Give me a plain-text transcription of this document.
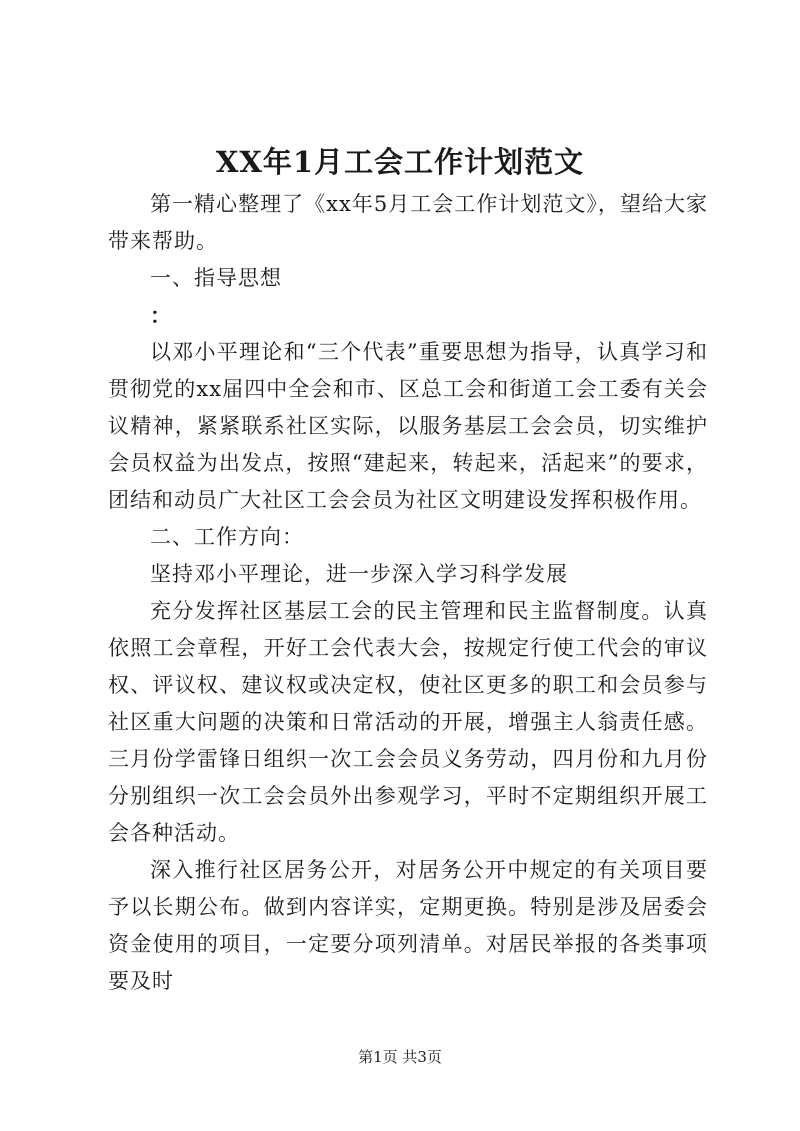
XX年1月工会工作计划范文

第一精心整理了《xx年5月工会工作计划范文》，望给大家带来帮助。

一、指导思想

：

以邓小平理论和“三个代表”重要思想为指导，认真学习和贯彻党的xx届四中全会和市、区总工会和街道工会工委有关会议精神，紧紧联系社区实际，以服务基层工会会员，切实维护会员权益为出发点，按照“建起来，转起来，活起来”的要求，团结和动员广大社区工会会员为社区文明建设发挥积极作用。

二、工作方向：

坚持邓小平理论，进一步深入学习科学发展

充分发挥社区基层工会的民主管理和民主监督制度。认真依照工会章程，开好工会代表大会，按规定行使工代会的审议权、评议权、建议权或决定权，使社区更多的职工和会员参与社区重大问题的决策和日常活动的开展，增强主人翁责任感。三月份学雷锋日组织一次工会会员义务劳动，四月份和九月份分别组织一次工会会员外出参观学习，平时不定期组织开展工会各种活动。

深入推行社区居务公开，对居务公开中规定的有关项目要予以长期公布。做到内容详实，定期更换。特别是涉及居委会资金使用的项目，一定要分项列清单。对居民举报的各类事项要及时

第1页 共3页
